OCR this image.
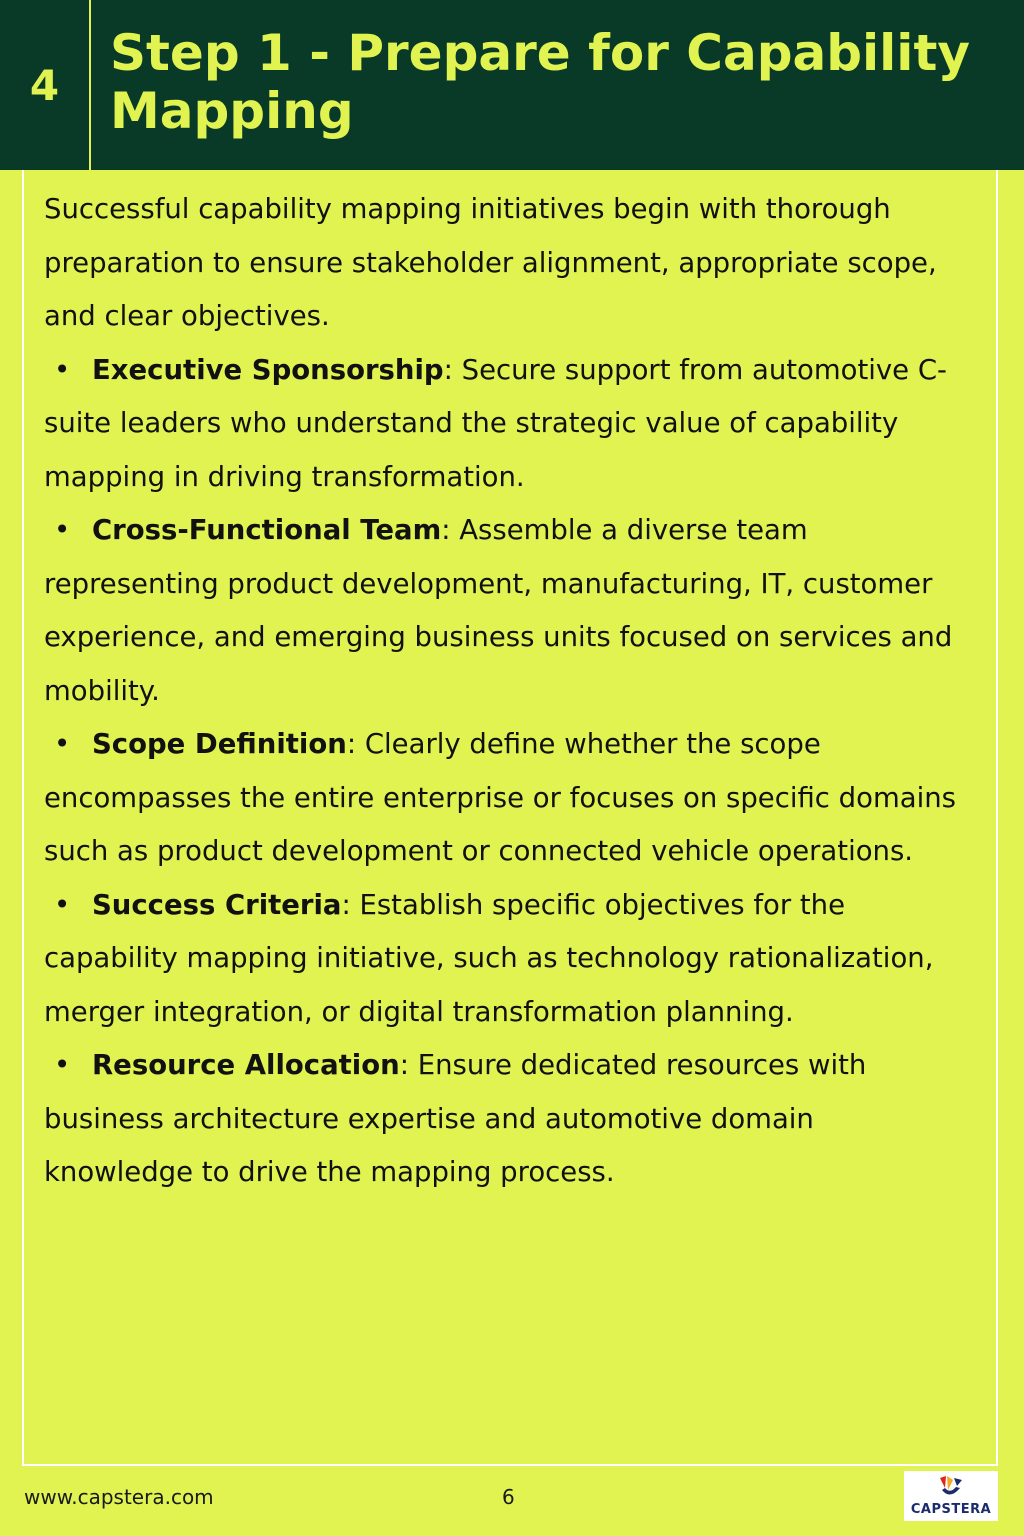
4
Step 1 - Prepare for Capability Mapping

Successful capability mapping initiatives begin with thorough preparation to ensure stakeholder alignment, appropriate scope, and clear objectives.

• Executive Sponsorship: Secure support from automotive C-suite leaders who understand the strategic value of capability mapping in driving transformation.

• Cross-Functional Team: Assemble a diverse team representing product development, manufacturing, IT, customer experience, and emerging business units focused on services and mobility.

• Scope Definition: Clearly define whether the scope encompasses the entire enterprise or focuses on specific domains such as product development or connected vehicle operations.

• Success Criteria: Establish specific objectives for the capability mapping initiative, such as technology rationalization, merger integration, or digital transformation planning.

• Resource Allocation: Ensure dedicated resources with business architecture expertise and automotive domain knowledge to drive the mapping process.

www.capstera.com	6
CAPSTERA
